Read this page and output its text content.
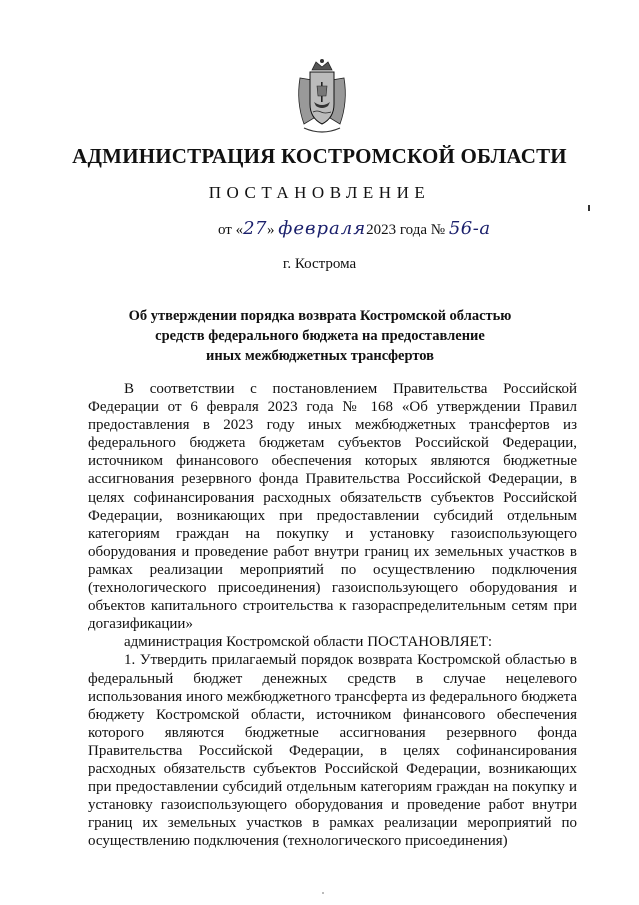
АДМИНИСТРАЦИЯ КОСТРОМСКОЙ ОБЛАСТИ
ПОСТАНОВЛЕНИЕ
от «27» февраля2023 года № 56-а
г. Кострома
Об утверждении порядка возврата Костромской областью
средств федерального бюджета на предоставление
иных межбюджетных трансфертов

В соответствии с постановлением Правительства Российской Федерации от 6 февраля 2023 года № 168 «Об утверждении Правил предоставления в 2023 году иных межбюджетных трансфертов из федерального бюджета бюджетам субъектов Российской Федерации, источником финансового обеспечения которых являются бюджетные ассигнования резервного фонда Правительства Российской Федерации, в целях софинансирования расходных обязательств субъектов Российской Федерации, возникающих при предоставлении субсидий отдельным категориям граждан на покупку и установку газоиспользующего оборудования и проведение работ внутри границ их земельных участков в рамках реализации мероприятий по осуществлению подключения (технологического присоединения) газоиспользующего оборудования и объектов капитального строительства к газораспределительным сетям при догазификации»

администрация Костромской области ПОСТАНОВЛЯЕТ:

1. Утвердить прилагаемый порядок возврата Костромской областью в федеральный бюджет денежных средств в случае нецелевого использования иного межбюджетного трансферта из федерального бюджета бюджету Костромской области, источником финансового обеспечения которого являются бюджетные ассигнования резервного фонда Правительства Российской Федерации, в целях софинансирования расходных обязательств субъектов Российской Федерации, возникающих при предоставлении субсидий отдельным категориям граждан на покупку и установку газоиспользующего оборудования и проведение работ внутри границ их земельных участков в рамках реализации мероприятий по осуществлению подключения (технологического присоединения)
